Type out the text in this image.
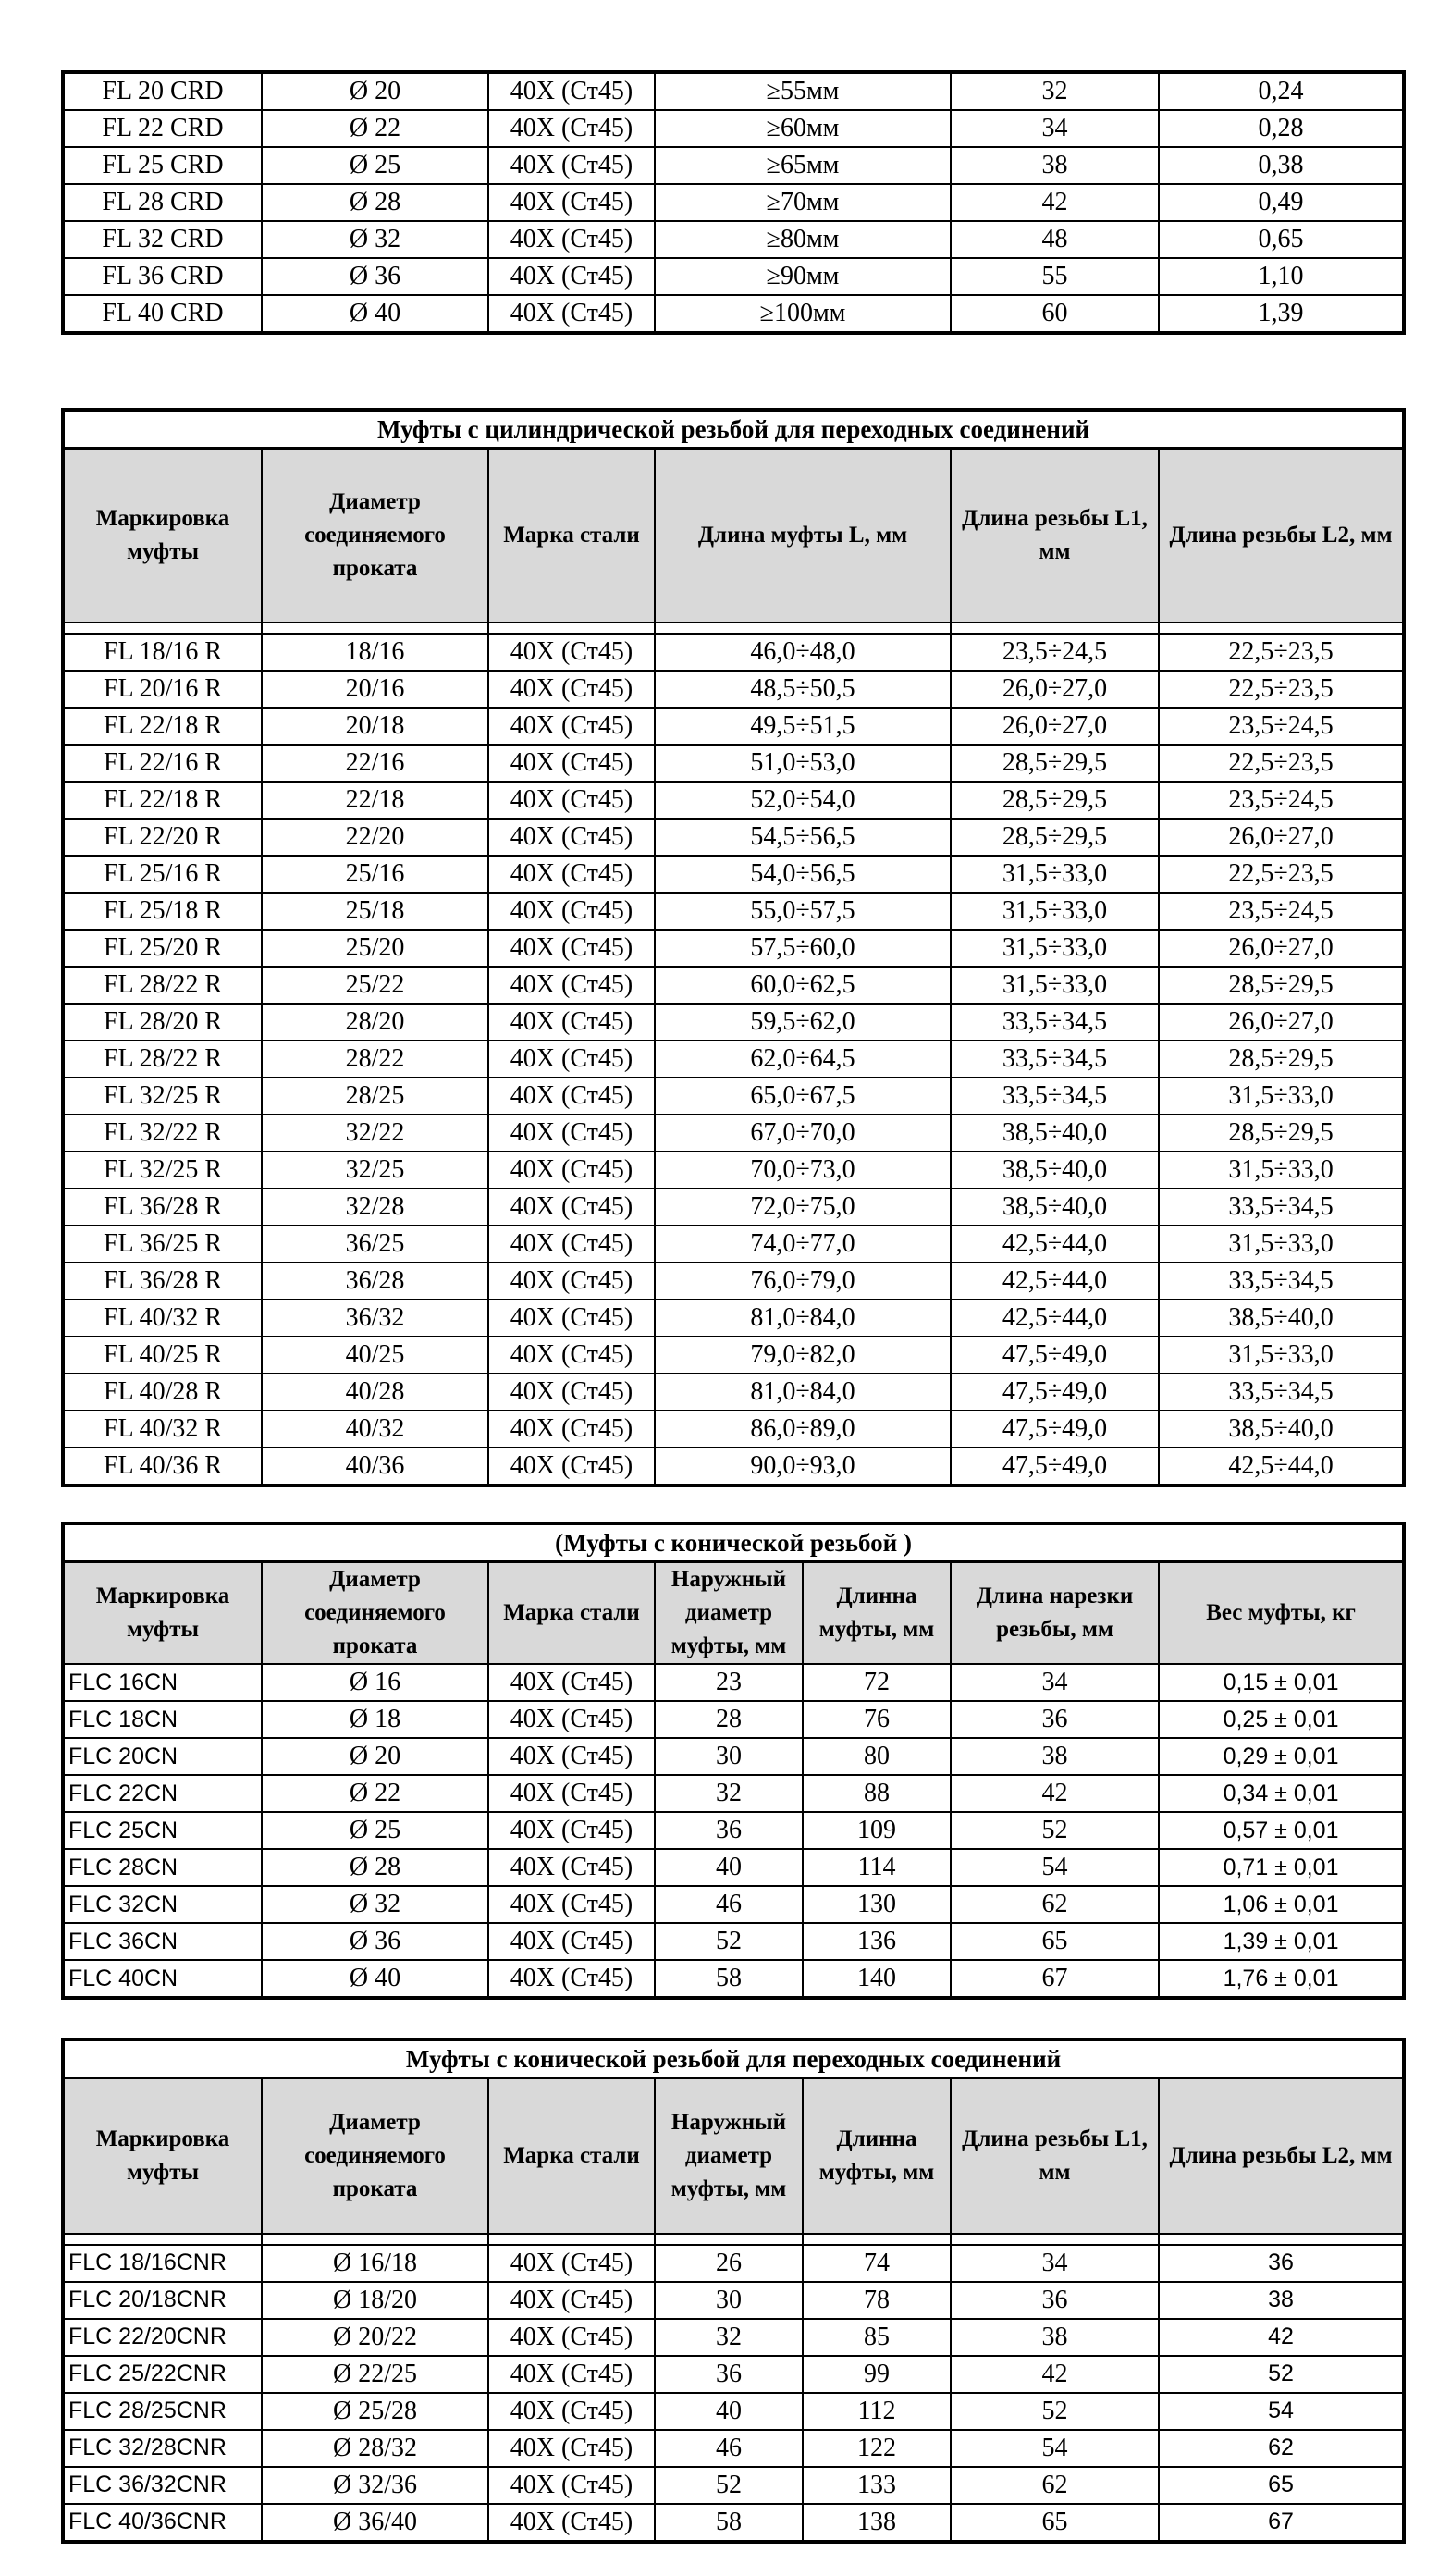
FL 20 CRD	Ø 20	40Х (Ст45)	≥55мм	32	0,24
FL 22 CRD	Ø 22	40Х (Ст45)	≥60мм	34	0,28
FL 25 CRD	Ø 25	40Х (Ст45)	≥65мм	38	0,38
FL 28 CRD	Ø 28	40Х (Ст45)	≥70мм	42	0,49
FL 32 CRD	Ø 32	40Х (Ст45)	≥80мм	48	0,65
FL 36 CRD	Ø 36	40Х (Ст45)	≥90мм	55	1,10
FL 40 CRD	Ø 40	40Х (Ст45)	≥100мм	60	1,39
Муфты с цилиндрической резьбой для переходных соединений					
Маркировка муфты	Диаметр соединяемого проката	Марка стали	Длина муфты L, мм	Длина резьбы L1, мм	Длина резьбы L2, мм

FL 18/16 R	18/16	40Х (Ст45)	46,0÷48,0	23,5÷24,5	22,5÷23,5
FL 20/16 R	20/16	40Х (Ст45)	48,5÷50,5	26,0÷27,0	22,5÷23,5
FL 22/18 R	20/18	40Х (Ст45)	49,5÷51,5	26,0÷27,0	23,5÷24,5
FL 22/16 R	22/16	40Х (Ст45)	51,0÷53,0	28,5÷29,5	22,5÷23,5
FL 22/18 R	22/18	40Х (Ст45)	52,0÷54,0	28,5÷29,5	23,5÷24,5
FL 22/20 R	22/20	40Х (Ст45)	54,5÷56,5	28,5÷29,5	26,0÷27,0
FL 25/16 R	25/16	40Х (Ст45)	54,0÷56,5	31,5÷33,0	22,5÷23,5
FL 25/18 R	25/18	40Х (Ст45)	55,0÷57,5	31,5÷33,0	23,5÷24,5
FL 25/20 R	25/20	40Х (Ст45)	57,5÷60,0	31,5÷33,0	26,0÷27,0
FL 28/22 R	25/22	40Х (Ст45)	60,0÷62,5	31,5÷33,0	28,5÷29,5
FL 28/20 R	28/20	40Х (Ст45)	59,5÷62,0	33,5÷34,5	26,0÷27,0
FL 28/22 R	28/22	40Х (Ст45)	62,0÷64,5	33,5÷34,5	28,5÷29,5
FL 32/25 R	28/25	40Х (Ст45)	65,0÷67,5	33,5÷34,5	31,5÷33,0
FL 32/22 R	32/22	40Х (Ст45)	67,0÷70,0	38,5÷40,0	28,5÷29,5
FL 32/25 R	32/25	40Х (Ст45)	70,0÷73,0	38,5÷40,0	31,5÷33,0
FL 36/28 R	32/28	40Х (Ст45)	72,0÷75,0	38,5÷40,0	33,5÷34,5
FL 36/25 R	36/25	40Х (Ст45)	74,0÷77,0	42,5÷44,0	31,5÷33,0
FL 36/28 R	36/28	40Х (Ст45)	76,0÷79,0	42,5÷44,0	33,5÷34,5
FL 40/32 R	36/32	40Х (Ст45)	81,0÷84,0	42,5÷44,0	38,5÷40,0
FL 40/25 R	40/25	40Х (Ст45)	79,0÷82,0	47,5÷49,0	31,5÷33,0
FL 40/28 R	40/28	40Х (Ст45)	81,0÷84,0	47,5÷49,0	33,5÷34,5
FL 40/32 R	40/32	40Х (Ст45)	86,0÷89,0	47,5÷49,0	38,5÷40,0
FL 40/36 R	40/36	40Х (Ст45)	90,0÷93,0	47,5÷49,0	42,5÷44,0
(Муфты с конической резьбой )						
Маркировка муфты	Диаметр соединяемого проката	Марка стали	Наружный диаметр муфты, мм	Длинна муфты, мм	Длина нарезки резьбы, мм	Вес муфты, кг
FLC 16CN	Ø 16	40Х (Ст45)	23	72	34	0,15 ± 0,01
FLC 18CN	Ø 18	40Х (Ст45)	28	76	36	0,25 ± 0,01
FLC 20CN	Ø 20	40Х (Ст45)	30	80	38	0,29 ± 0,01
FLC 22CN	Ø 22	40Х (Ст45)	32	88	42	0,34 ± 0,01
FLC 25CN	Ø 25	40Х (Ст45)	36	109	52	0,57 ± 0,01
FLC 28CN	Ø 28	40Х (Ст45)	40	114	54	0,71 ± 0,01
FLC 32CN	Ø 32	40Х (Ст45)	46	130	62	1,06 ± 0,01
FLC 36CN	Ø 36	40Х (Ст45)	52	136	65	1,39 ± 0,01
FLC 40CN	Ø 40	40Х (Ст45)	58	140	67	1,76 ± 0,01
Муфты с конической резьбой для переходных соединений						
Маркировка муфты	Диаметр соединяемого проката	Марка стали	Наружный диаметр муфты, мм	Длинна муфты, мм	Длина резьбы L1, мм	Длина резьбы L2, мм

FLC 18/16CNR	Ø 16/18	40Х (Ст45)	26	74	34	36
FLC 20/18CNR	Ø 18/20	40Х (Ст45)	30	78	36	38
FLC 22/20CNR	Ø 20/22	40Х (Ст45)	32	85	38	42
FLC 25/22CNR	Ø 22/25	40Х (Ст45)	36	99	42	52
FLC 28/25CNR	Ø 25/28	40Х (Ст45)	40	112	52	54
FLC 32/28CNR	Ø 28/32	40Х (Ст45)	46	122	54	62
FLC 36/32CNR	Ø 32/36	40Х (Ст45)	52	133	62	65
FLC 40/36CNR	Ø 36/40	40Х (Ст45)	58	138	65	67
